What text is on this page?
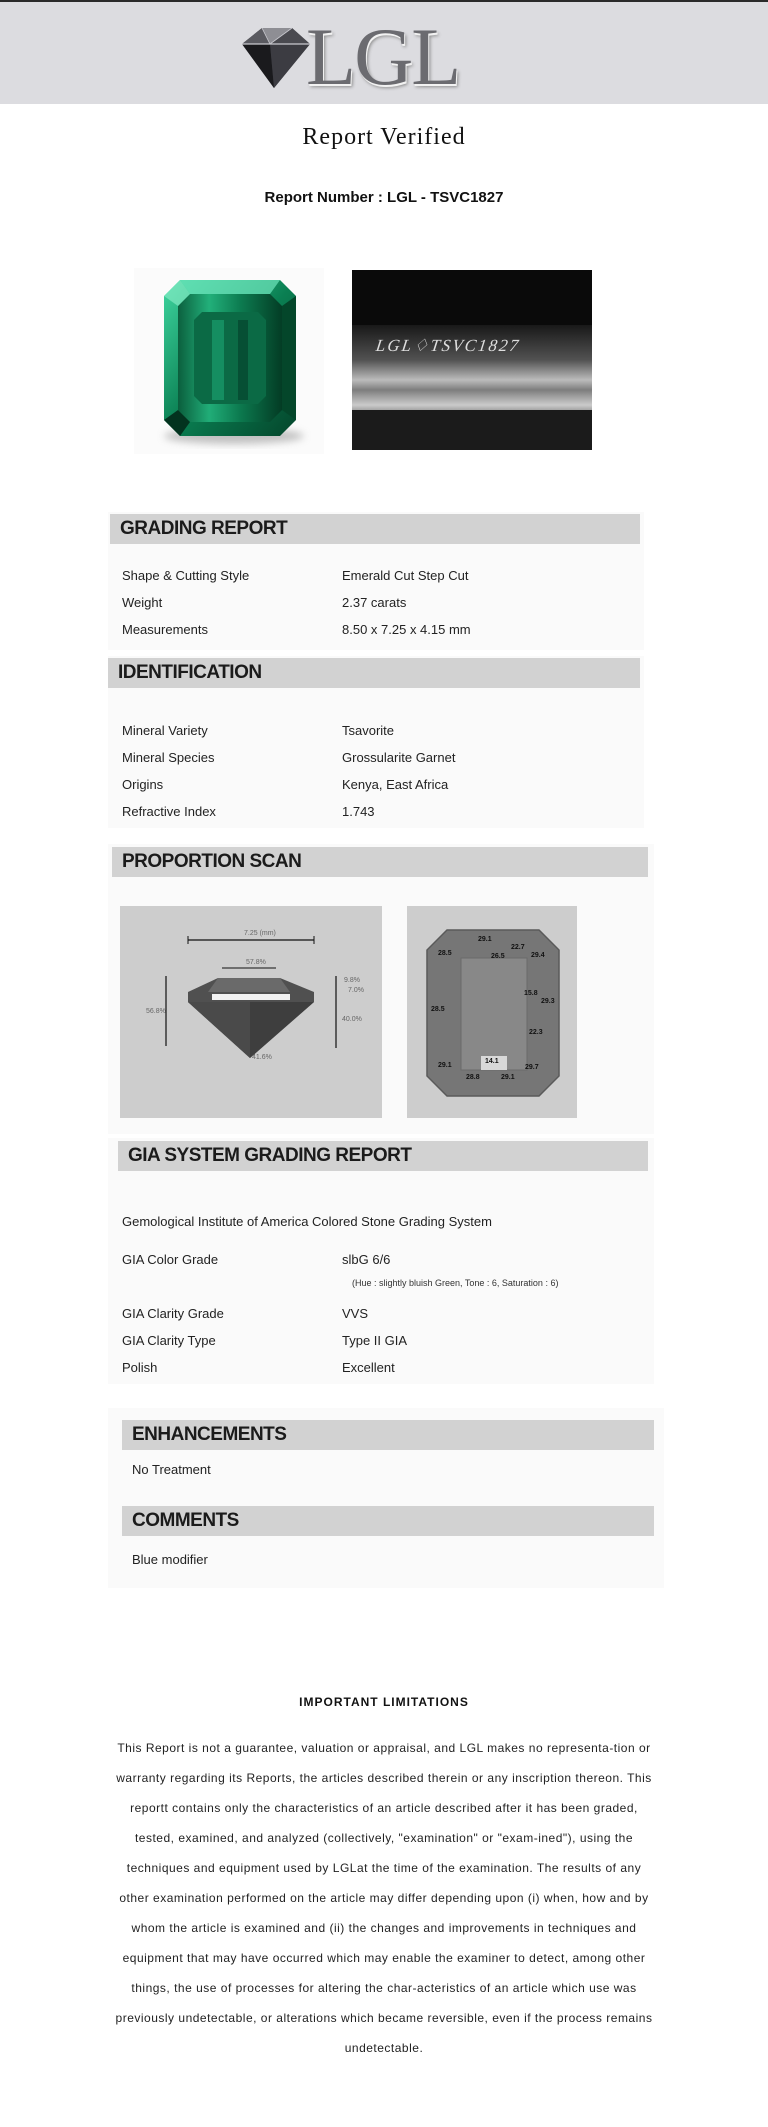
LGL
Report Verified
Report Number : LGL - TSVC1827
LGL♢TSVC1827
GRADING REPORT
Shape & Cutting Style	Emerald Cut Step Cut
Weight	2.37 carats
Measurements	8.50 x 7.25 x 4.15 mm
IDENTIFICATION
Mineral Variety	Tsavorite
Mineral Species	Grossularite Garnet
Origins	Kenya, East Africa
Refractive Index	1.743
PROPORTION SCAN
7.25 (mm)
57.8%
56.8%
9.8%
7.0%
40.0%
41.6%
28.5
29.1
26.5
22.7
29.4
28.5
15.8
29.3
22.3
29.1
14.1
29.7
28.8	29.1
GIA SYSTEM GRADING REPORT
Gemological Institute of America Colored Stone Grading System
GIA Color Grade	slbG 6/6
(Hue : slightly bluish Green, Tone : 6, Saturation : 6)
GIA Clarity Grade	VVS
GIA Clarity Type	Type II GIA
Polish	Excellent
ENHANCEMENTS
No Treatment
COMMENTS
Blue modifier
IMPORTANT LIMITATIONS
This Report is not a guarantee, valuation or appraisal, and LGL makes no representa-tion or warranty regarding its Reports, the articles described therein or any inscription thereon. This reportt contains only the characteristics of an article described after it has been graded, tested, examined, and analyzed (collectively, "examination" or "exam-ined"), using the techniques and equipment used by LGLat the time of the examination. The results of any other examination performed on the article may differ depending upon (i) when, how and by whom the article is examined and (ii) the changes and improvements in techniques and equipment that may have occurred which may enable the examiner to detect, among other things, the use of processes for altering the char-acteristics of an article which use was previously undetectable, or alterations which became reversible, even if the process remains undetectable.
